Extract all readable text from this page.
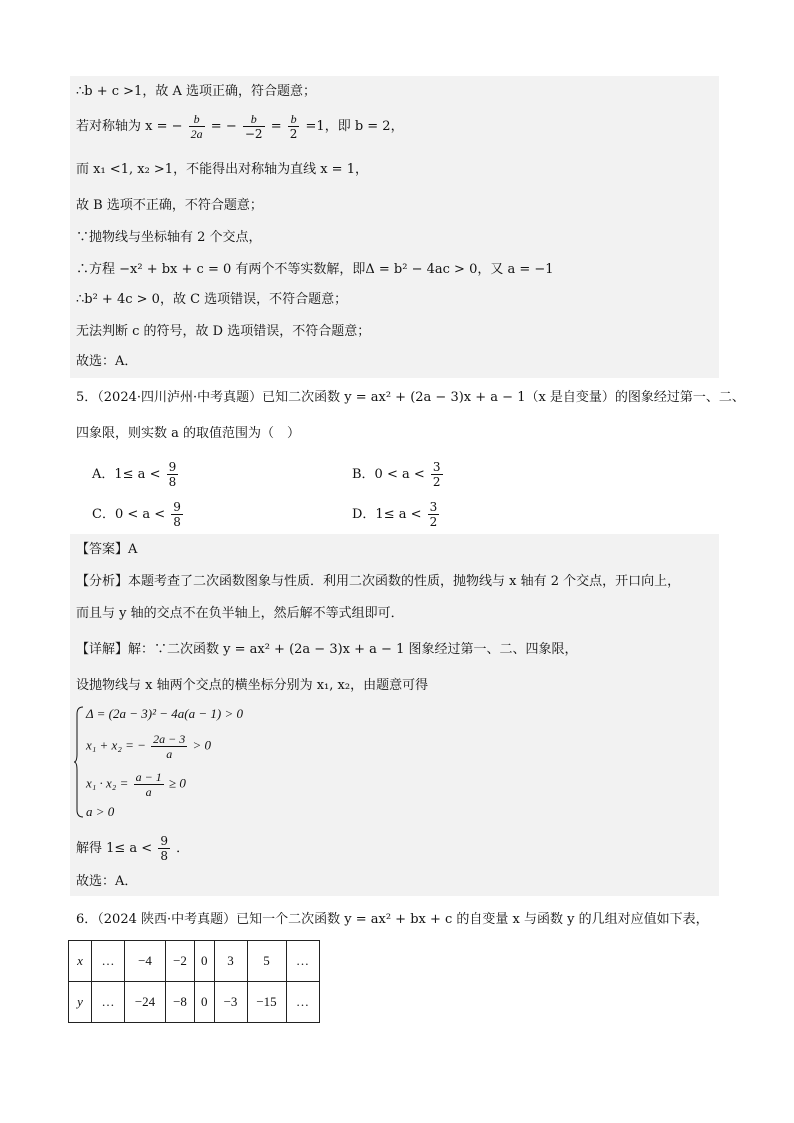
∴b + c >1，故 A 选项正确，符合题意；
若对称轴为 x = − $\frac{b}{2a}$ = − $\frac{b}{-2} = \frac{b}{2} =1$，即 b = 2，
而 x₁ <1, x₂ >1，不能得出对称轴为直线 x = 1，
故 B 选项不正确，不符合题意；
∵抛物线与坐标轴有 2 个交点，
∴方程 −x² + bx + c = 0 有两个不等实数解，即Δ = b² − 4ac > 0，又 a = −1
∴b² + 4c > 0，故 C 选项错误，不符合题意；
无法判断 c 的符号，故 D 选项错误，不符合题意；
故选：A．
5．（2024·四川泸州·中考真题）已知二次函数 y = ax² + (2a − 3)x + a − 1（x 是自变量）的图象经过第一、二、
四象限，则实数 a 的取值范围为（　）
A．$1\le a < \frac{9}{8}$	B．$0 < a < \frac{3}{2}$
C．$0 < a < \frac{9}{8}$	D．$1\le a < \frac{3}{2}$
【答案】A
【分析】本题考查了二次函数图象与性质．利用二次函数的性质，抛物线与 x 轴有 2 个交点，开口向上，
而且与 y 轴的交点不在负半轴上，然后解不等式组即可．
【详解】解：∵二次函数 y = ax² + (2a − 3)x + a − 1 图象经过第一、二、四象限，
设抛物线与 x 轴两个交点的横坐标分别为 x₁, x₂，由题意可得
Δ = (2a − 3)² − 4a(a − 1) > 0
x₁ + x₂ = − $\frac{2a - 3}{a} > 0$
$x_1 \cdot x_2 = \frac{a - 1}{a} \ge 0$
a > 0
解得 $1\le a < \frac{9}{8}$ ．
故选：A．
6．（2024 陕西·中考真题）已知一个二次函数 y = ax² + bx + c 的自变量 x 与函数 y 的几组对应值如下表，
x	…	−4	−2	0	3	5	…
y	…	−24	−8	0	−3	−15	…
